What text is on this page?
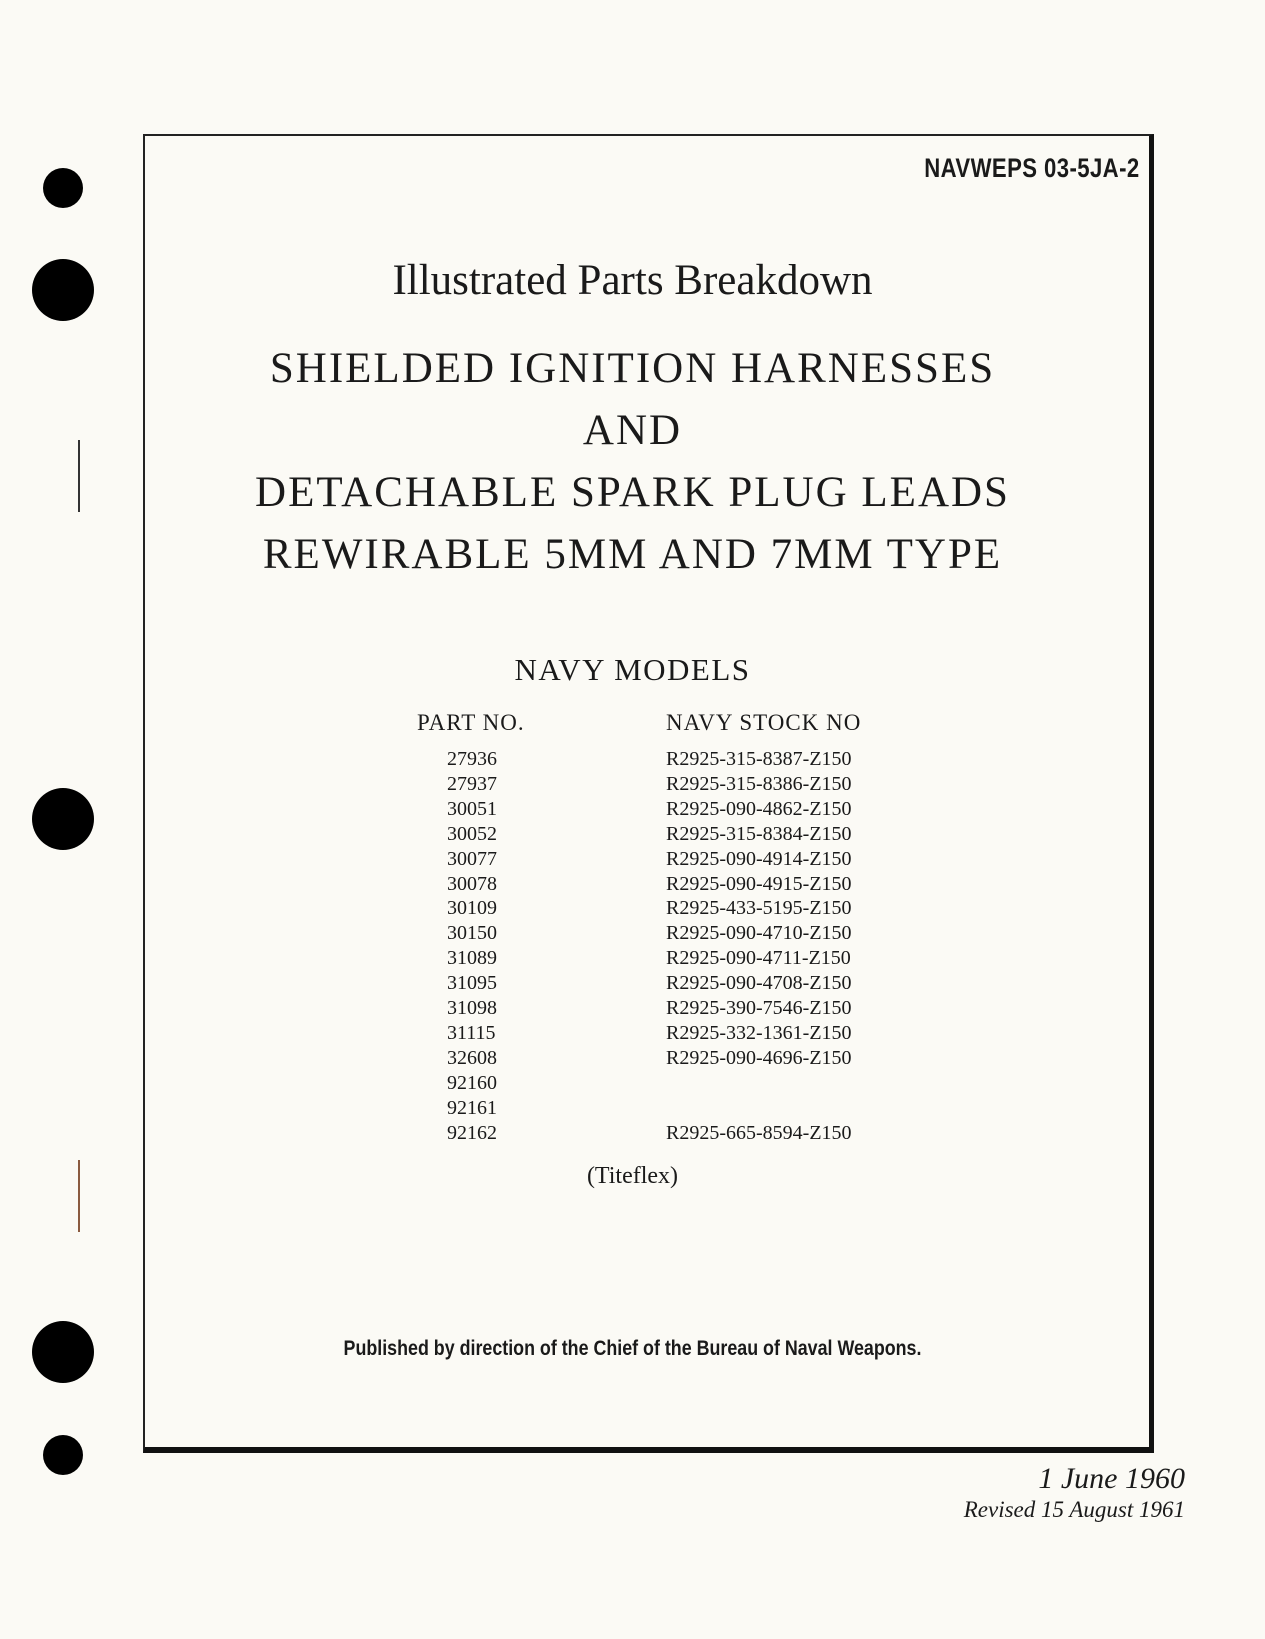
NAVWEPS 03-5JA-2
Illustrated Parts Breakdown
SHIELDED IGNITION HARNESSES
AND
DETACHABLE SPARK PLUG LEADS
REWIRABLE 5MM AND 7MM TYPE
NAVY MODELS
PART NO.	NAVY STOCK NO
27936	R2925-315-8387-Z150
27937	R2925-315-8386-Z150
30051	R2925-090-4862-Z150
30052	R2925-315-8384-Z150
30077	R2925-090-4914-Z150
30078	R2925-090-4915-Z150
30109	R2925-433-5195-Z150
30150	R2925-090-4710-Z150
31089	R2925-090-4711-Z150
31095	R2925-090-4708-Z150
31098	R2925-390-7546-Z150
31115	R2925-332-1361-Z150
32608	R2925-090-4696-Z150
92160
92161
92162	R2925-665-8594-Z150
(Titeflex)
Published by direction of the Chief of the Bureau of Naval Weapons.
1 June 1960
Revised 15 August 1961
